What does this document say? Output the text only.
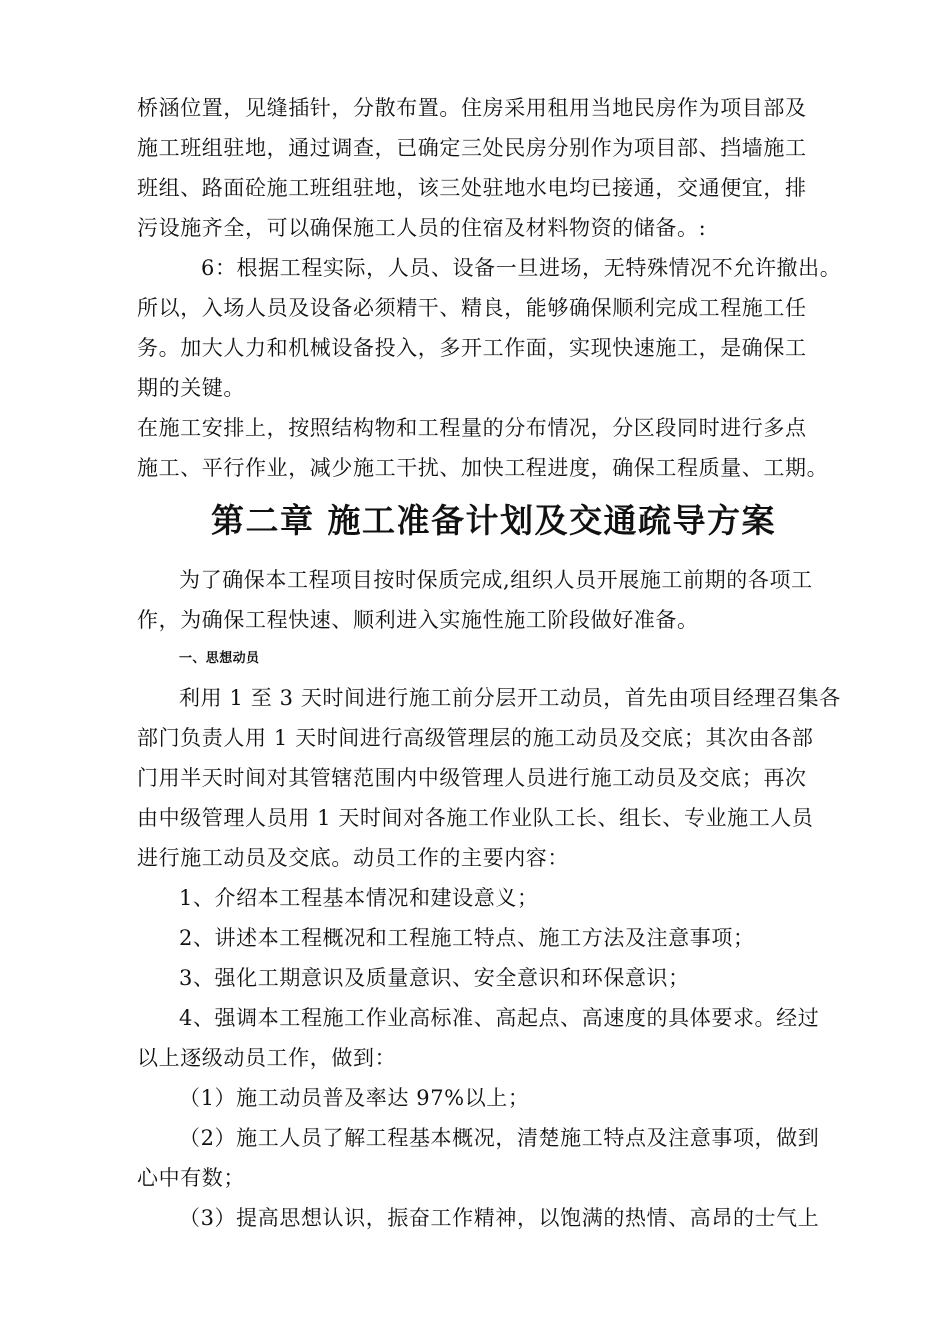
桥涵位置，见缝插针，分散布置。住房采用租用当地民房作为项目部及
施工班组驻地，通过调查，已确定三处民房分别作为项目部、挡墙施工
班组、路面砼施工班组驻地，该三处驻地水电均已接通，交通便宜，排
污设施齐全，可以确保施工人员的住宿及材料物资的储备。:
6：根据工程实际，人员、设备一旦进场，无特殊情况不允许撤出。
所以，入场人员及设备必须精干、精良，能够确保顺利完成工程施工任
务。加大人力和机械设备投入，多开工作面，实现快速施工，是确保工
期的关键。
在施工安排上，按照结构物和工程量的分布情况，分区段同时进行多点
施工、平行作业，减少施工干扰、加快工程进度，确保工程质量、工期。
第二章 施工准备计划及交通疏导方案
为了确保本工程项目按时保质完成,组织人员开展施工前期的各项工
作，为确保工程快速、顺利进入实施性施工阶段做好准备。
一、思想动员
利用 1 至 3 天时间进行施工前分层开工动员，首先由项目经理召集各
部门负责人用 1 天时间进行高级管理层的施工动员及交底；其次由各部
门用半天时间对其管辖范围内中级管理人员进行施工动员及交底；再次
由中级管理人员用 1 天时间对各施工作业队工长、组长、专业施工人员
进行施工动员及交底。动员工作的主要内容：
1、介绍本工程基本情况和建设意义；
2、讲述本工程概况和工程施工特点、施工方法及注意事项；
3、强化工期意识及质量意识、安全意识和环保意识；
4、强调本工程施工作业高标准、高起点、高速度的具体要求。经过
以上逐级动员工作，做到：
（1）施工动员普及率达 97%以上；
（2）施工人员了解工程基本概况，清楚施工特点及注意事项，做到
心中有数；
（3）提高思想认识，振奋工作精神，以饱满的热情、高昂的士气上
